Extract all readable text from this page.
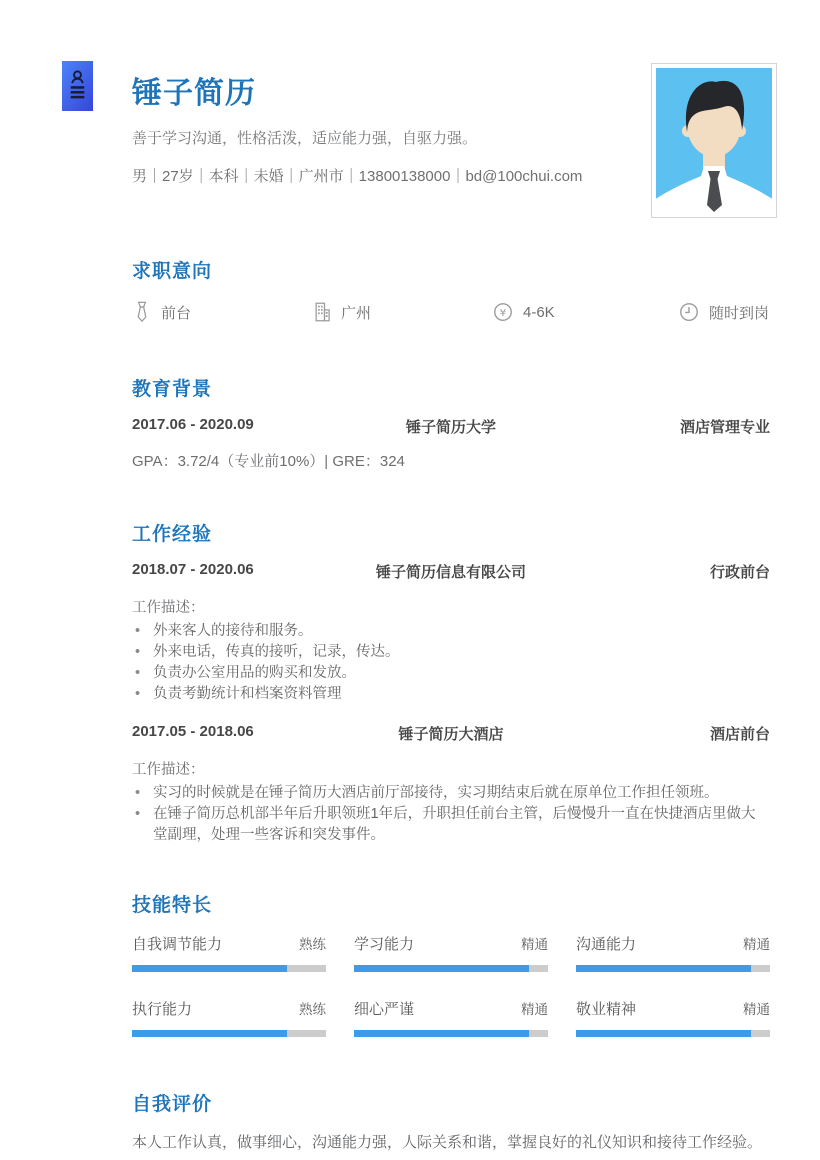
锤子简历
善于学习沟通，性格活泼，适应能力强，自驱力强。
男｜27岁｜本科｜未婚｜广州市｜13800138000｜bd@100chui.com
求职意向
前台	广州	¥ 4-6K	随时到岗
教育背景
2017.06 - 2020.09	锤子简历大学	酒店管理专业
GPA：3.72/4（专业前10%）| GRE：324
工作经验
2018.07 - 2020.06	锤子简历信息有限公司	行政前台
工作描述：
• 外来客人的接待和服务。
• 外来电话，传真的接听，记录，传达。
• 负责办公室用品的购买和发放。
• 负责考勤统计和档案资料管理
2017.05 - 2018.06	锤子简历大酒店	酒店前台
工作描述：
• 实习的时候就是在锤子简历大酒店前厅部接待，实习期结束后就在原单位工作担任领班。
• 在锤子简历总机部半年后升职领班1年后，升职担任前台主管，后慢慢升一直在快捷酒店里做大堂副理，处理一些客诉和突发事件。
技能特长
自我调节能力	熟练 学习能力	精通 沟通能力	精通
执行能力	熟练 细心严谨	精通 敬业精神	精通
自我评价
本人工作认真，做事细心，沟通能力强，人际关系和谐，掌握良好的礼仪知识和接待工作经验。
